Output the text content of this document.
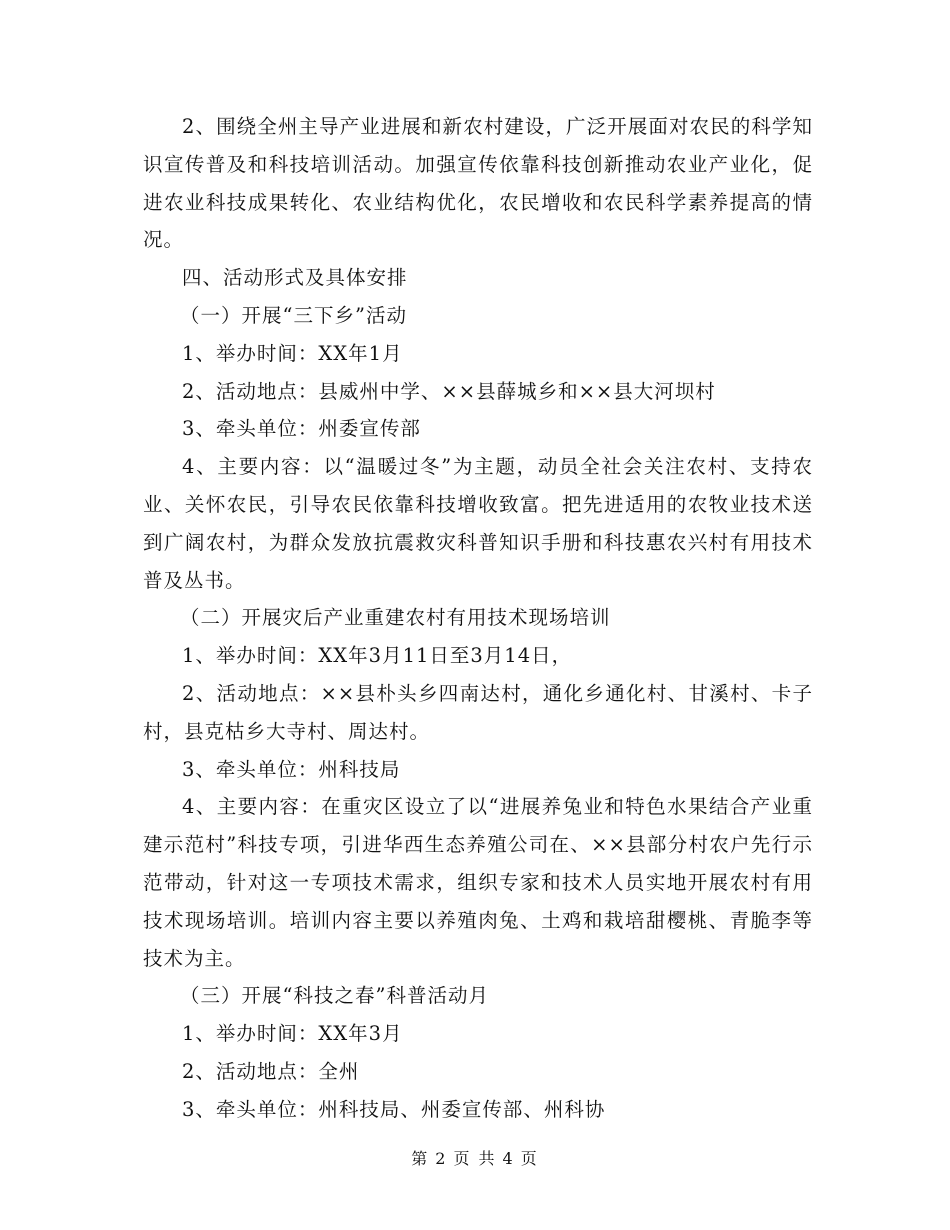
2、围绕全州主导产业进展和新农村建设，广泛开展面对农民的科学知识宣传普及和科技培训活动。加强宣传依靠科技创新推动农业产业化，促进农业科技成果转化、农业结构优化，农民增收和农民科学素养提高的情况。

四、活动形式及具体安排

（一）开展“三下乡”活动

1、举办时间：XX年1月

2、活动地点：县威州中学、××县薛城乡和××县大河坝村

3、牵头单位：州委宣传部

4、主要内容：以“温暖过冬”为主题，动员全社会关注农村、支持农业、关怀农民，引导农民依靠科技增收致富。把先进适用的农牧业技术送到广阔农村，为群众发放抗震救灾科普知识手册和科技惠农兴村有用技术普及丛书。

（二）开展灾后产业重建农村有用技术现场培训

1、举办时间：XX年3月11日至3月14日，

2、活动地点：××县朴头乡四南达村，通化乡通化村、甘溪村、卡子村，县克枯乡大寺村、周达村。

3、牵头单位：州科技局

4、主要内容：在重灾区设立了以“进展养兔业和特色水果结合产业重建示范村”科技专项，引进华西生态养殖公司在、××县部分村农户先行示范带动，针对这一专项技术需求，组织专家和技术人员实地开展农村有用技术现场培训。培训内容主要以养殖肉兔、土鸡和栽培甜樱桃、青脆李等技术为主。

（三）开展“科技之春”科普活动月

1、举办时间：XX年3月

2、活动地点：全州

3、牵头单位：州科技局、州委宣传部、州科协

第 2 页 共 4 页
